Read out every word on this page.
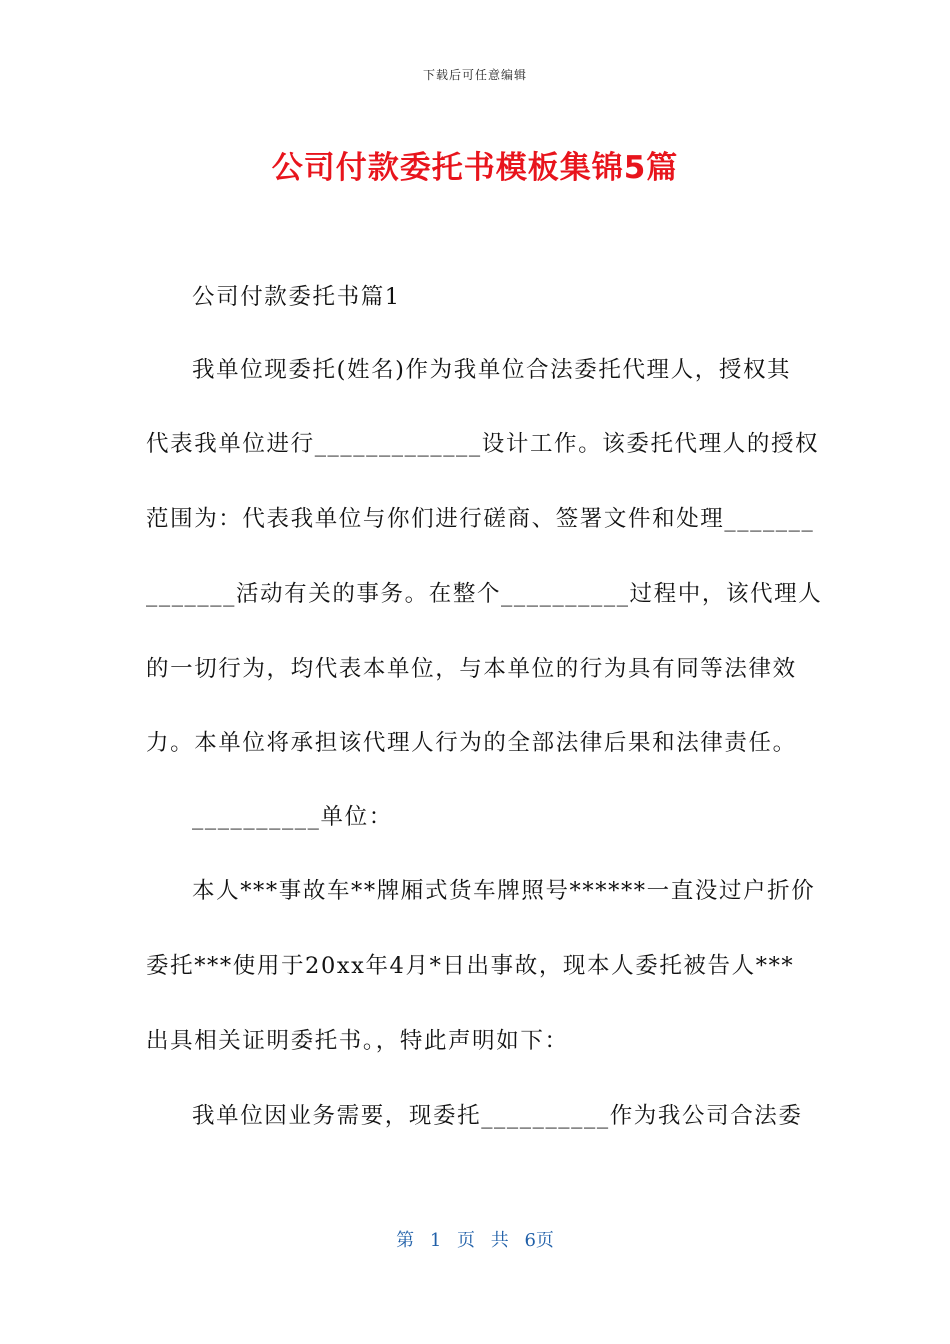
下载后可任意编辑
公司付款委托书模板集锦5篇
公司付款委托书篇1
我单位现委托(姓名)作为我单位合法委托代理人，授权其
代表我单位进行_____________设计工作。该委托代理人的授权
范围为：代表我单位与你们进行磋商、签署文件和处理_______
_______活动有关的事务。在整个__________过程中，该代理人
的一切行为，均代表本单位，与本单位的行为具有同等法律效
力。本单位将承担该代理人行为的全部法律后果和法律责任。
__________单位：
本人***事故车**牌厢式货车牌照号******一直没过户折价
委托***使用于20xx年4月*日出事故，现本人委托被告人***
出具相关证明委托书。，特此声明如下：
我单位因业务需要，现委托__________作为我公司合法委
第 1 页 共 6页
